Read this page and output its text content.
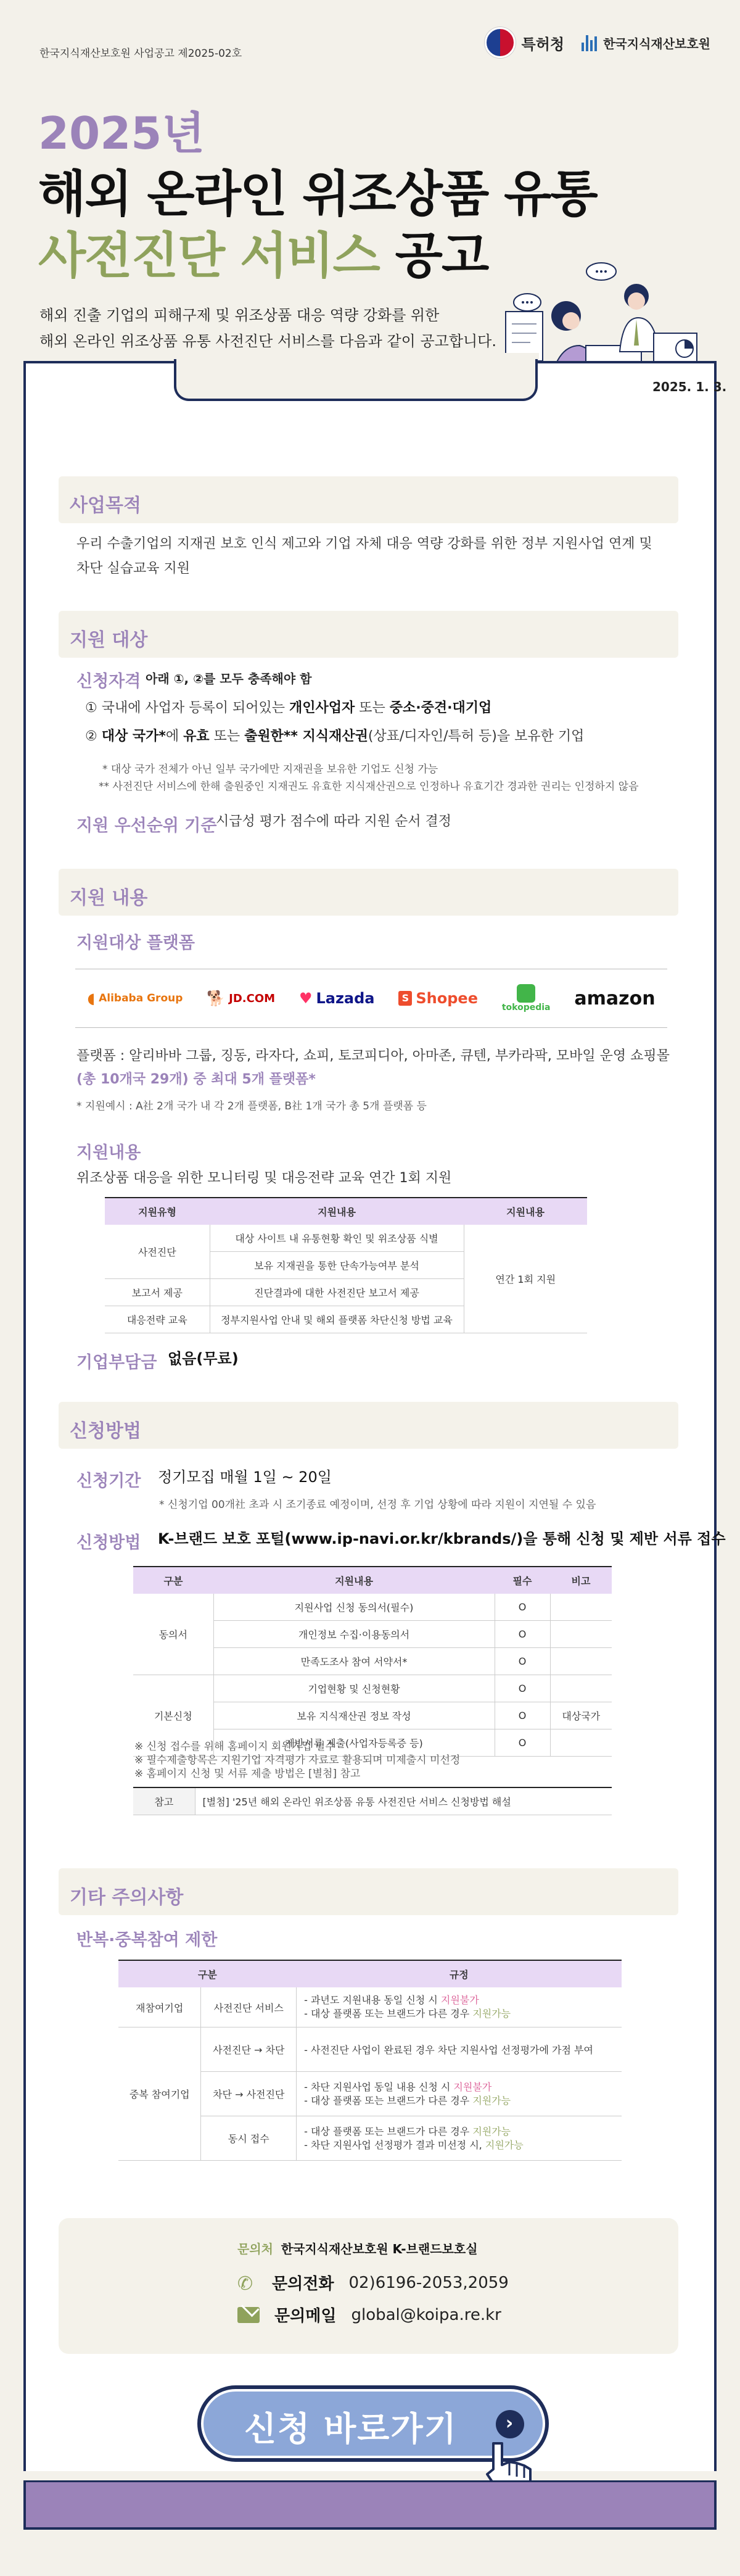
한국지식재산보호원 사업공고 제2025-02호
특허청	한국지식재산보호원
2025년
해외 온라인 위조상품 유통
사전진단 서비스 공고
해외 진출 기업의 피해구제 및 위조상품 대응 역량 강화를 위한
해외 온라인 위조상품 유통 사전진단 서비스를 다음과 같이 공고합니다.
2025. 1. 3.
사업목적
우리 수출기업의 지재권 보호 인식 제고와 기업 자체 대응 역량 강화를 위한 정부 지원사업 연계 및
차단 실습교육 지원
지원 대상
신청자격 아래 ①, ②를 모두 충족해야 함
① 국내에 사업자 등록이 되어있는 개인사업자 또는 중소·중견·대기업
② 대상 국가*에 유효 또는 출원한** 지식재산권(상표/디자인/특허 등)을 보유한 기업
* 대상 국가 전체가 아닌 일부 국가에만 지재권을 보유한 기업도 신청 가능
** 사전진단 서비스에 한해 출원중인 지재권도 유효한 지식재산권으로 인정하나 유효기간 경과한 권리는 인정하지 않음
지원 우선순위 기준
시급성 평가 점수에 따라 지원 순서 결정
지원 내용
지원대상 플랫폼
◖ Alibaba Group 🐕 JD.COM ♥ Lazada	S Shopee
tokopedia amazon
플랫폼 : 알리바바 그룹, 징동, 라자다, 쇼피, 토코피디아, 아마존, 큐텐, 부카라팍, 모바일 운영 쇼핑몰
(총 10개국 29개) 중 최대 5개 플랫폼*
* 지원예시 : A社 2개 국가 내 각 2개 플랫폼, B社 1개 국가 총 5개 플랫폼 등
지원내용
위조상품 대응을 위한 모니터링 및 대응전략 교육 연간 1회 지원
지원유형	지원내용	지원내용
사전진단	대상 사이트 내 유통현황 확인 및 위조상품 식별	연간 1회 지원
	보유 지재권을 통한 단속가능여부 분석	
보고서 제공	진단결과에 대한 사전진단 보고서 제공	
대응전략 교육	정부지원사업 안내 및 해외 플랫폼 차단신청 방법 교육	
기업부담금 없음(무료)
신청방법
신청기간 정기모집 매월 1일 ~ 20일
* 신청기업 00개社 초과 시 조기종료 예정이며, 선정 후 기업 상황에 따라 지원이 지연될 수 있음
신청방법 K-브랜드 보호 포털(www.ip-navi.or.kr/kbrands/)을 통해 신청 및 제반 서류 접수
구분	지원내용	필수	비고
동의서	지원사업 신청 동의서(필수)	O	
	개인정보 수집·이용동의서	O	
	만족도조사 참여 서약서*	O	
기본신청	기업현황 및 신청현황	O	
	보유 지식재산권 정보 작성	O	대상국가
	제반서류 제출(사업자등록증 등)	O	
※ 신청 접수를 위해 홈페이지 회원가입 필수
※ 필수제출항목은 지원기업 자격평가 자료로 활용되며 미제출시 미선정
※ 홈페이지 신청 및 서류 제출 방법은 [별첨] 참고
참고	[별첨] '25년 해외 온라인 위조상품 유통 사전진단 서비스 신청방법 해설
기타 주의사항
반복·중복참여 제한
구분		규정
재참여기업	사전진단 서비스	- 과년도 지원내용 동일 신청 시 지원불가
- 대상 플랫폼 또는 브랜드가 다른 경우 지원가능

중복 참여기업	사전진단 → 차단	- 사전진단 사업이 완료된 경우 차단 지원사업 선정평가에 가점 부여
	차단 → 사전진단	- 차단 지원사업 동일 내용 신청 시 지원불가
- 대상 플랫폼 또는 브랜드가 다른 경우 지원가능

	동시 접수	- 대상 플랫폼 또는 브랜드가 다른 경우 지원가능
- 차단 지원사업 선정평가 결과 미선정 시, 지원가능
문의처 한국지식재산보호원 K-브랜드보호실
✆ 문의전화 02)6196-2053,2059
문의메일 global@koipa.re.kr
신청 바로가기	›
